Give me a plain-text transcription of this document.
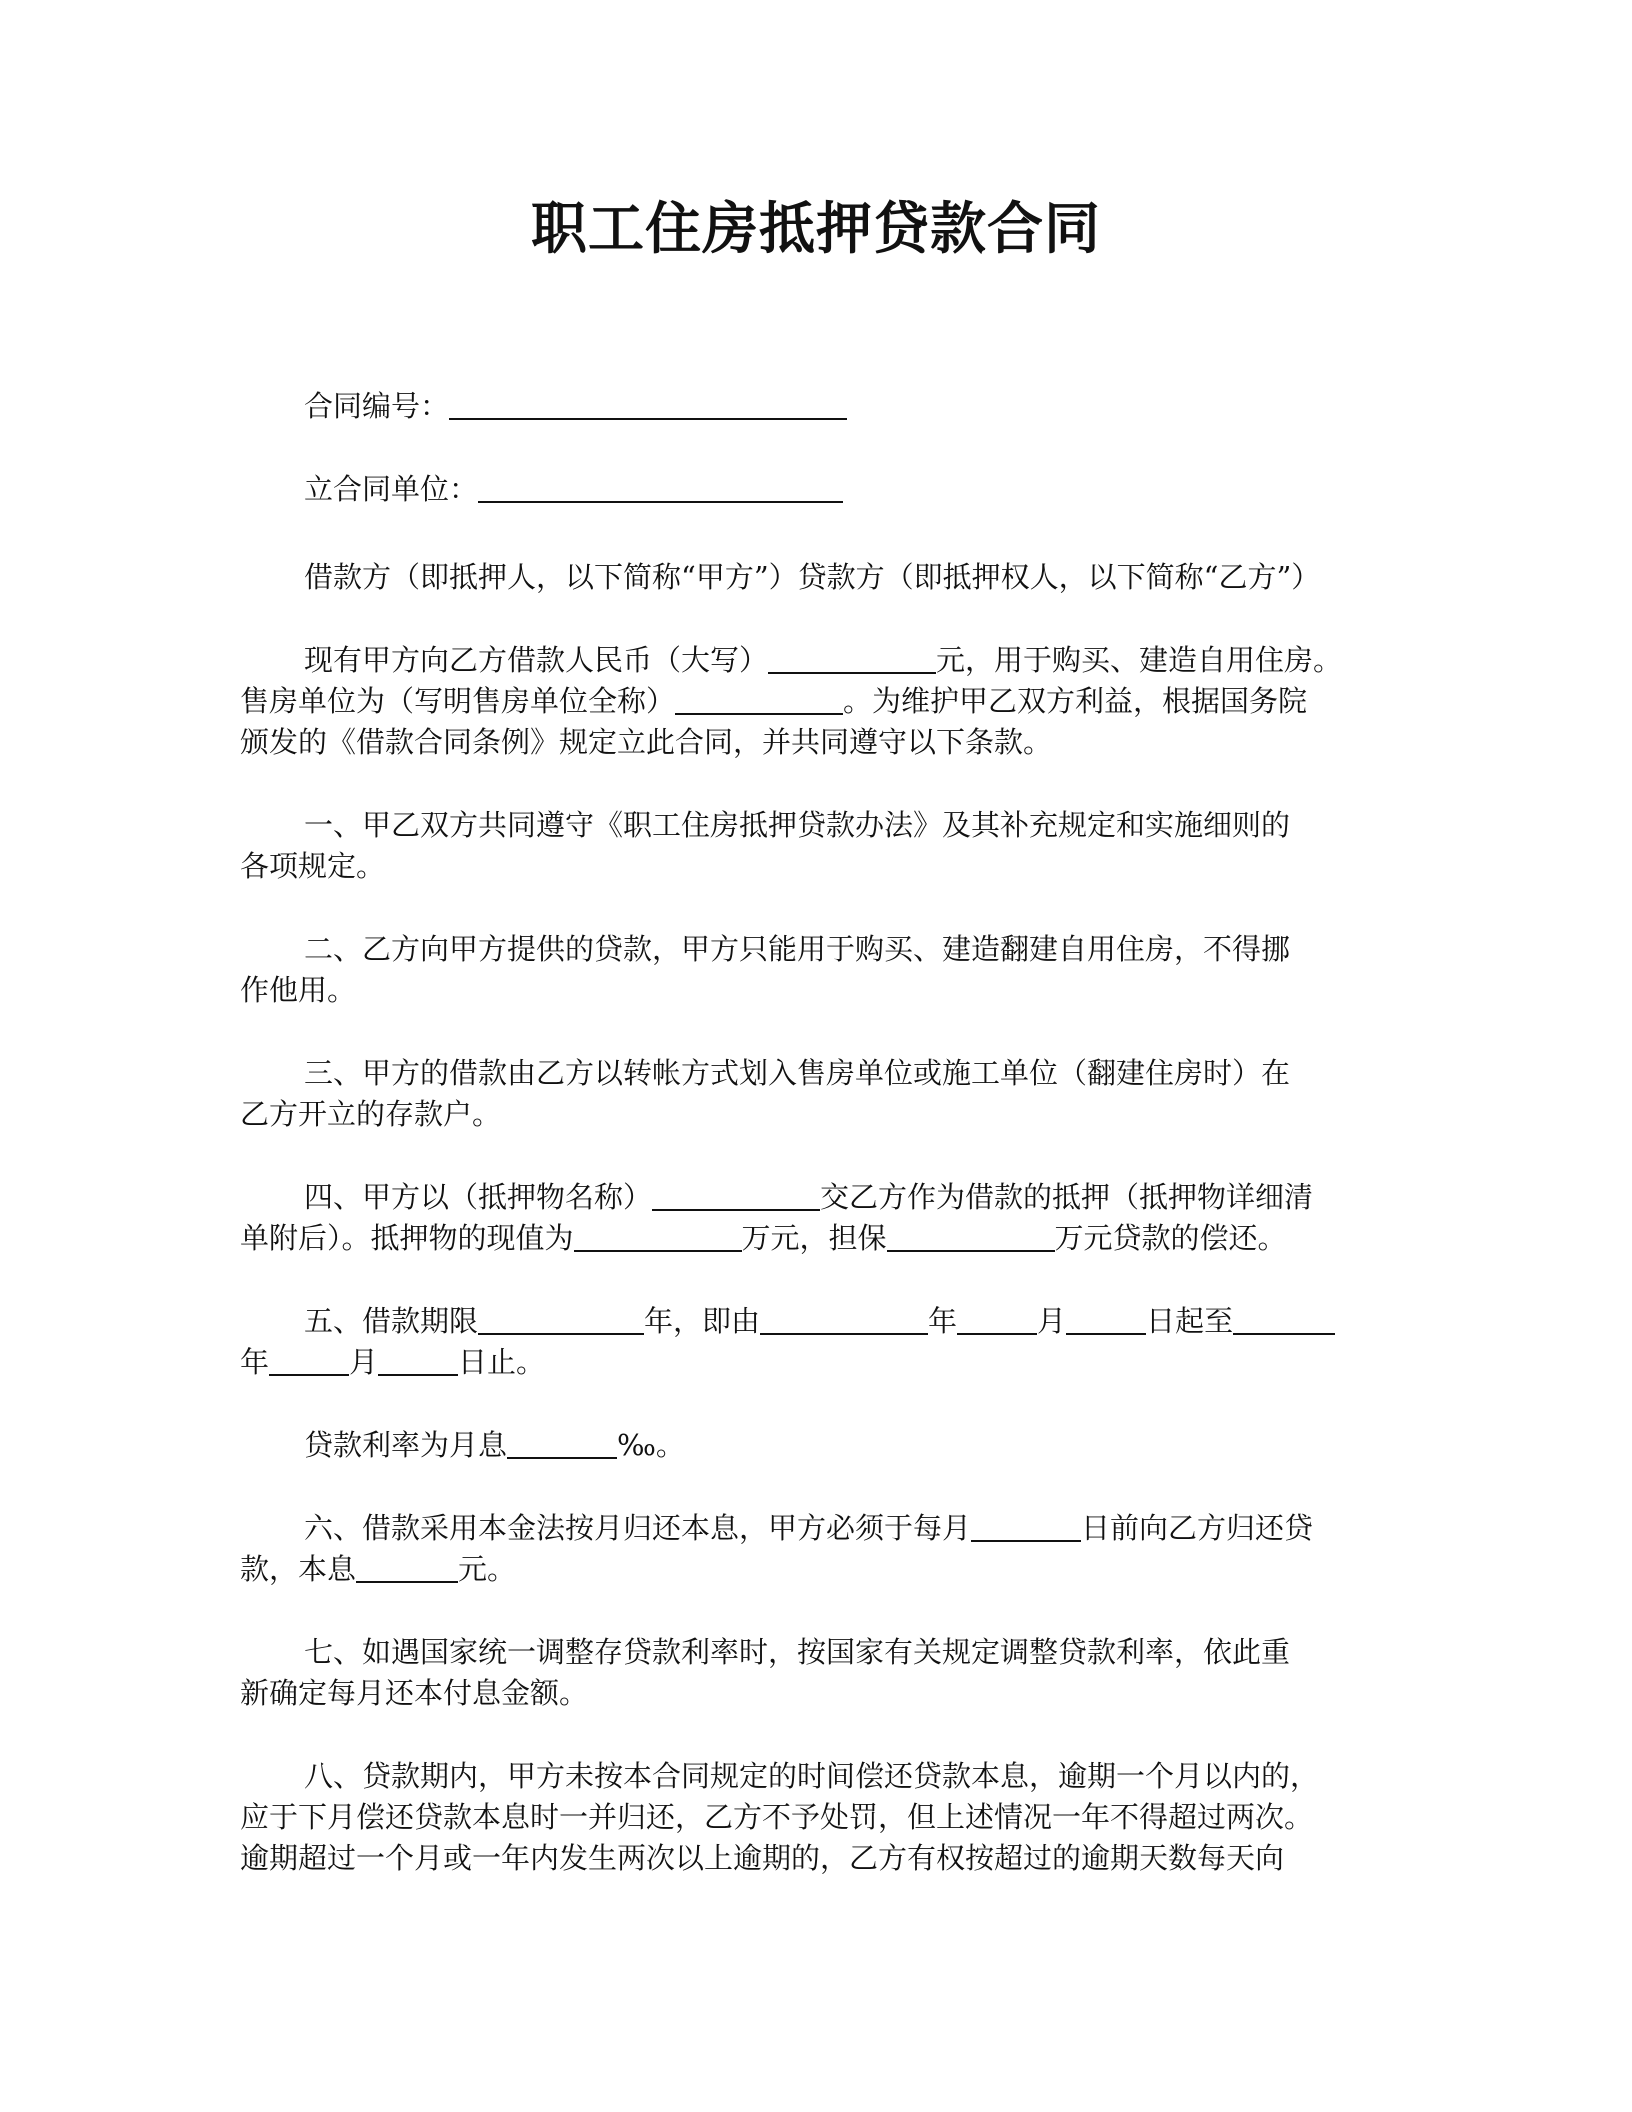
职工住房抵押贷款合同
合同编号：
立合同单位：
借款方（即抵押人，以下简称“甲方”）贷款方（即抵押权人，以下简称“乙方”）
现有甲方向乙方借款人民币（大写）	元，用于购买、建造自用住房。
售房单位为（写明售房单位全称）	。为维护甲乙双方利益，根据国务院
颁发的《借款合同条例》规定立此合同，并共同遵守以下条款。
一、甲乙双方共同遵守《职工住房抵押贷款办法》及其补充规定和实施细则的
各项规定。
二、乙方向甲方提供的贷款，甲方只能用于购买、建造翻建自用住房，不得挪
作他用。
三、甲方的借款由乙方以转帐方式划入售房单位或施工单位（翻建住房时）在
乙方开立的存款户。
四、甲方以（抵押物名称）	交乙方作为借款的抵押（抵押物详细清
单附后）。抵押物的现值为	万元，担保	万元贷款的偿还。
五、借款期限	年，即由	年	月	日起至
年	月	日止。
贷款利率为月息	‰。
六、借款采用本金法按月归还本息，甲方必须于每月	日前向乙方归还贷
款，本息	元。
七、如遇国家统一调整存贷款利率时，按国家有关规定调整贷款利率，依此重
新确定每月还本付息金额。
八、贷款期内，甲方未按本合同规定的时间偿还贷款本息，逾期一个月以内的，
应于下月偿还贷款本息时一并归还，乙方不予处罚，但上述情况一年不得超过两次。
逾期超过一个月或一年内发生两次以上逾期的，乙方有权按超过的逾期天数每天向
